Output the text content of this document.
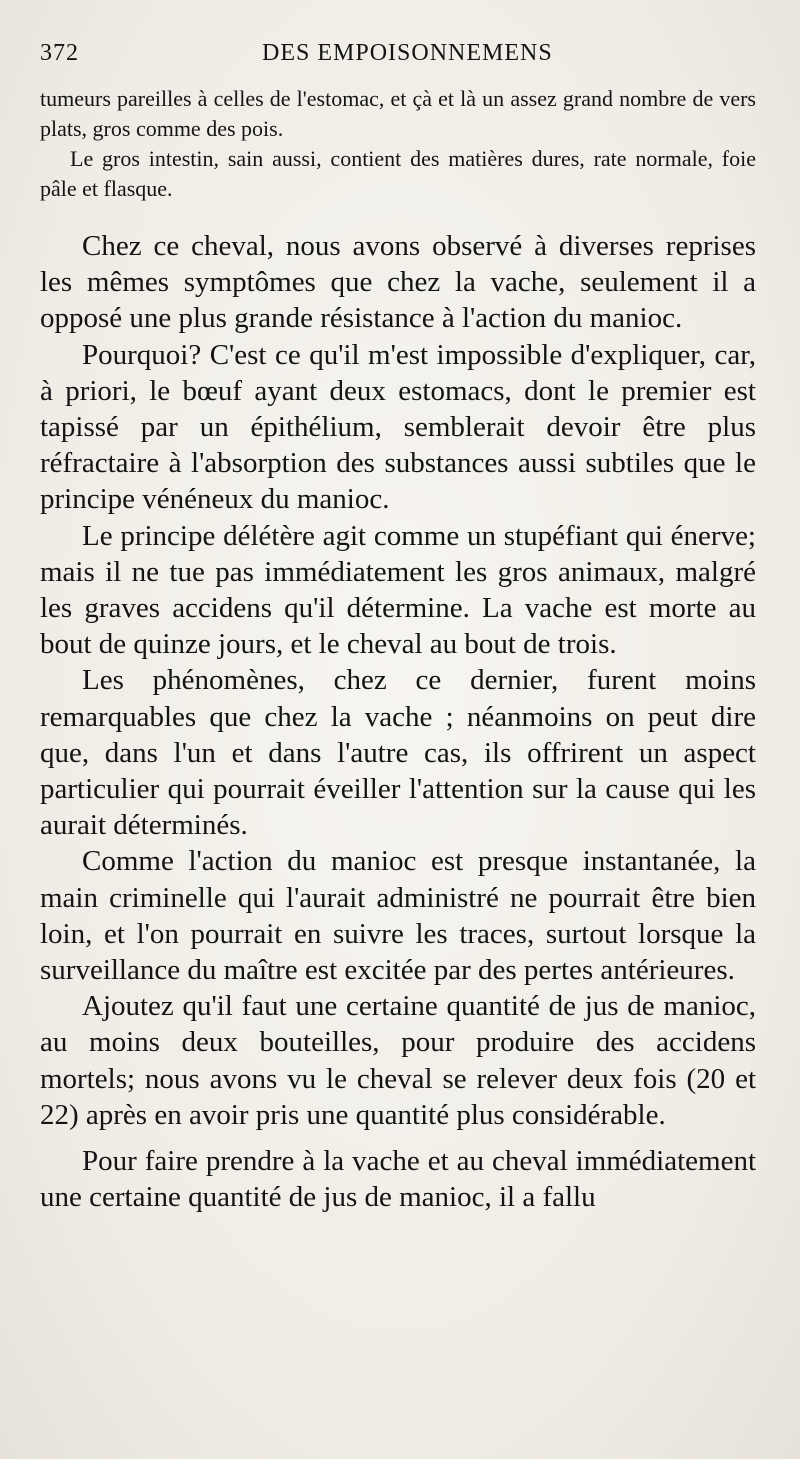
372	DES EMPOISONNEMENS

tumeurs pareilles à celles de l'estomac, et çà et là un assez grand nombre de vers plats, gros comme des pois.

Le gros intestin, sain aussi, contient des matières dures, rate normale, foie pâle et flasque.

Chez ce cheval, nous avons observé à diverses reprises les mêmes symptômes que chez la vache, seulement il a opposé une plus grande résistance à l'action du manioc.

Pourquoi? C'est ce qu'il m'est impossible d'expliquer, car, à priori, le bœuf ayant deux estomacs, dont le premier est tapissé par un épithélium, semblerait devoir être plus réfractaire à l'absorption des substances aussi subtiles que le principe vénéneux du manioc.

Le principe délétère agit comme un stupéfiant qui énerve; mais il ne tue pas immédiatement les gros animaux, malgré les graves accidens qu'il détermine. La vache est morte au bout de quinze jours, et le cheval au bout de trois.

Les phénomènes, chez ce dernier, furent moins remarquables que chez la vache ; néanmoins on peut dire que, dans l'un et dans l'autre cas, ils offrirent un aspect particulier qui pourrait éveiller l'attention sur la cause qui les aurait déterminés.

Comme l'action du manioc est presque instantanée, la main criminelle qui l'aurait administré ne pourrait être bien loin, et l'on pourrait en suivre les traces, surtout lorsque la surveillance du maître est excitée par des pertes antérieures.

Ajoutez qu'il faut une certaine quantité de jus de manioc, au moins deux bouteilles, pour produire des accidens mortels; nous avons vu le cheval se relever deux fois (20 et 22) après en avoir pris une quantité plus considérable.

Pour faire prendre à la vache et au cheval immédiatement une certaine quantité de jus de manioc, il a fallu
